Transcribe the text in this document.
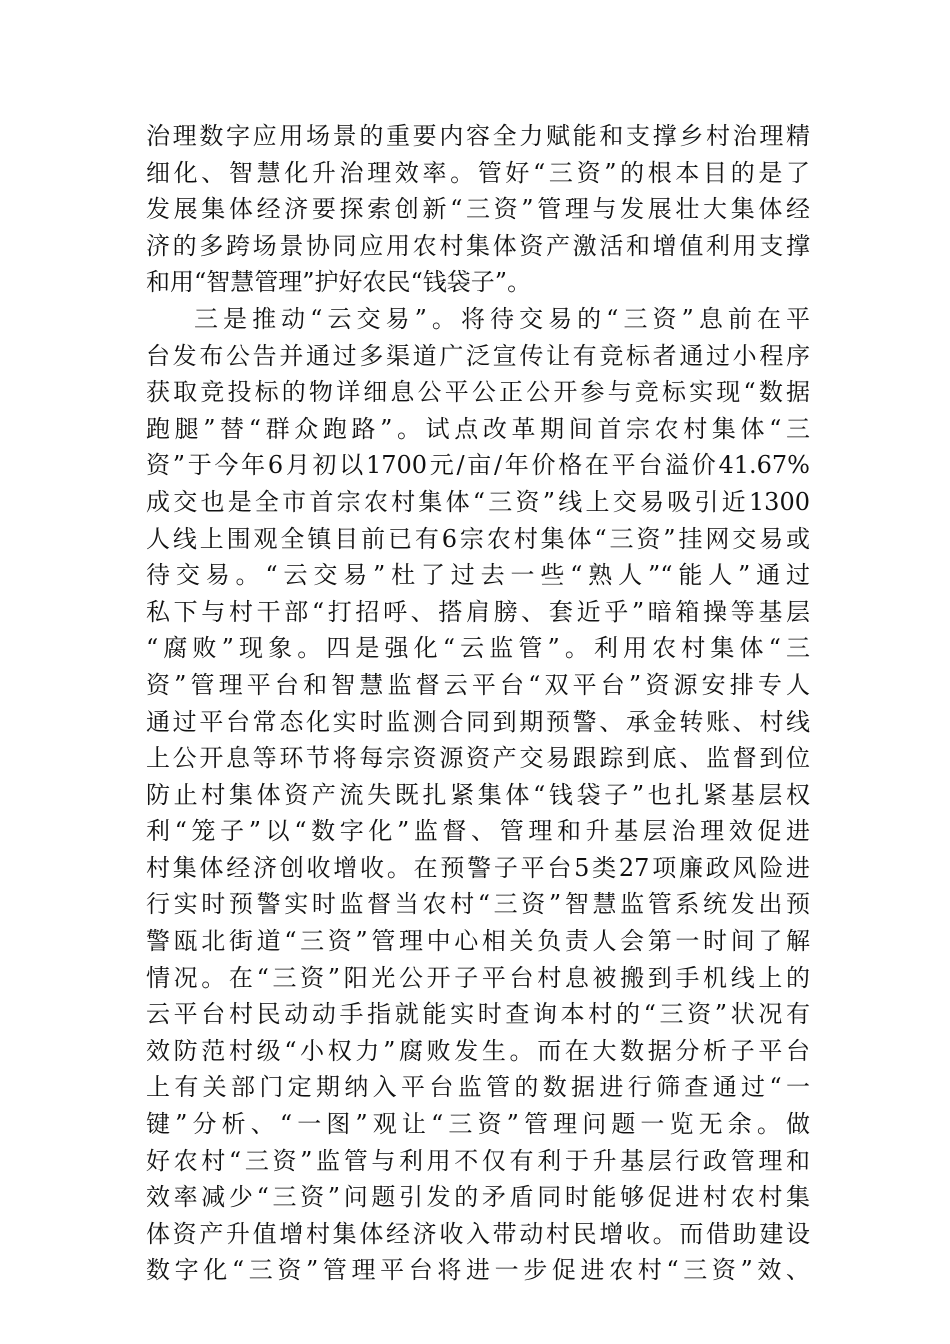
治理数字应用场景的重要内容全力赋能和支撑乡村治理精
细化、智慧化升治理效率。管好“三资”的根本目的是了
发展集体经济要探索创新“三资”管理与发展壮大集体经
济的多跨场景协同应用农村集体资产激活和增值利用支撑
和用“智慧管理”护好农民“钱袋子”。
三是推动“云交易”。将待交易的“三资”息前在平
台发布公告并通过多渠道广泛宣传让有竞标者通过小程序
获取竞投标的物详细息公平公正公开参与竞标实现“数据
跑腿”替“群众跑路”。试点改革期间首宗农村集体“三
资”于今年6月初以1700元/亩/年价格在平台溢价41.67%
成交也是全市首宗农村集体“三资”线上交易吸引近1300
人线上围观全镇目前已有6宗农村集体“三资”挂网交易或
待交易。“云交易”杜了过去一些“熟人”“能人”通过
私下与村干部“打招呼、搭肩膀、套近乎”暗箱操等基层
“腐败”现象。四是强化“云监管”。利用农村集体“三
资”管理平台和智慧监督云平台“双平台”资源安排专人
通过平台常态化实时监测合同到期预警、承金转账、村线
上公开息等环节将每宗资源资产交易跟踪到底、监督到位
防止村集体资产流失既扎紧集体“钱袋子”也扎紧基层权
利“笼子”以“数字化”监督、管理和升基层治理效促进
村集体经济创收增收。在预警子平台5类27项廉政风险进
行实时预警实时监督当农村“三资”智慧监管系统发出预
警瓯北街道“三资”管理中心相关负责人会第一时间了解
情况。在“三资”阳光公开子平台村息被搬到手机线上的
云平台村民动动手指就能实时查询本村的“三资”状况有
效防范村级“小权力”腐败发生。而在大数据分析子平台
上有关部门定期纳入平台监管的数据进行筛查通过“一
键”分析、“一图”观让“三资”管理问题一览无余。做
好农村“三资”监管与利用不仅有利于升基层行政管理和
效率减少“三资”问题引发的矛盾同时能够促进村农村集
体资产升值增村集体经济收入带动村民增收。而借助建设
数字化“三资”管理平台将进一步促进农村“三资”效、
